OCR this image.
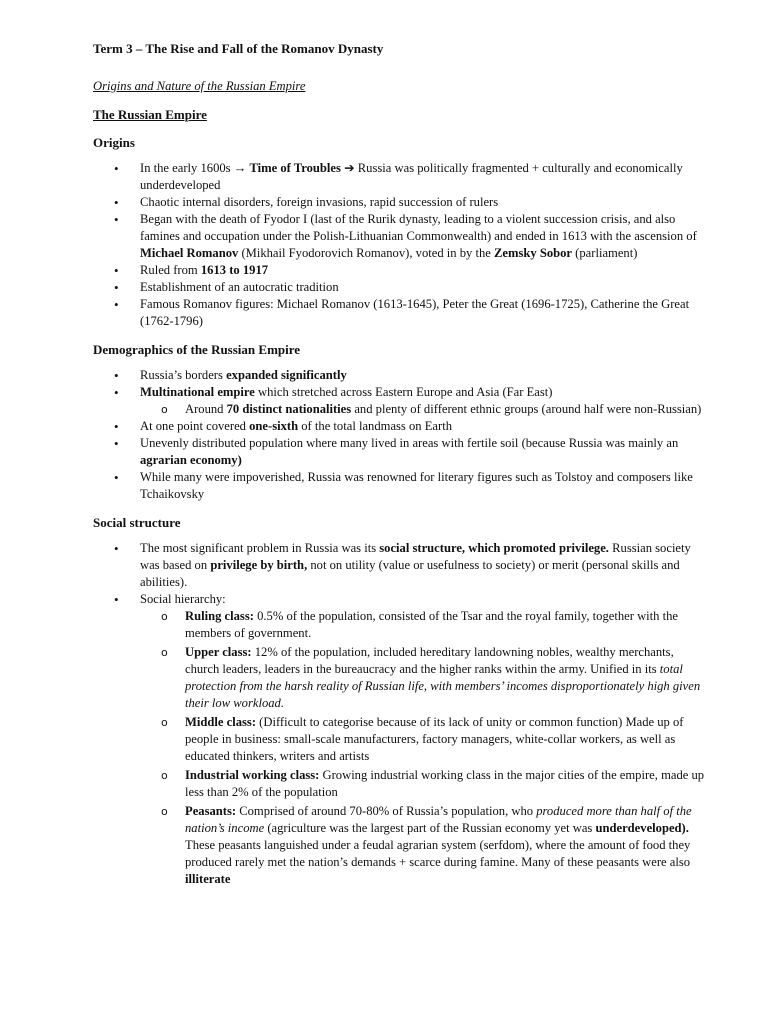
Term 3 – The Rise and Fall of the Romanov Dynasty

Origins and Nature of the Russian Empire

The Russian Empire

Origins

• In the early 1600s → Time of Troubles ➔ Russia was politically fragmented + culturally and economically underdeveloped
• Chaotic internal disorders, foreign invasions, rapid succession of rulers
• Began with the death of Fyodor I (last of the Rurik dynasty, leading to a violent succession crisis, and also famines and occupation under the Polish-Lithuanian Commonwealth) and ended in 1613 with the ascension of Michael Romanov (Mikhail Fyodorovich Romanov), voted in by the Zemsky Sobor (parliament)
• Ruled from 1613 to 1917
• Establishment of an autocratic tradition
• Famous Romanov figures: Michael Romanov (1613-1645), Peter the Great (1696-1725), Catherine the Great (1762-1796)

Demographics of the Russian Empire

• Russia’s borders expanded significantly
• Multinational empire which stretched across Eastern Europe and Asia (Far East)
o Around 70 distinct nationalities and plenty of different ethnic groups (around half were non-Russian)
• At one point covered one-sixth of the total landmass on Earth
• Unevenly distributed population where many lived in areas with fertile soil (because Russia was mainly an agrarian economy)
• While many were impoverished, Russia was renowned for literary figures such as Tolstoy and composers like Tchaikovsky

Social structure

• The most significant problem in Russia was its social structure, which promoted privilege. Russian society was based on privilege by birth, not on utility (value or usefulness to society) or merit (personal skills and abilities).
• Social hierarchy:
o Ruling class: 0.5% of the population, consisted of the Tsar and the royal family, together with the members of government.
o Upper class: 12% of the population, included hereditary landowning nobles, wealthy merchants, church leaders, leaders in the bureaucracy and the higher ranks within the army. Unified in its total protection from the harsh reality of Russian life, with members’ incomes disproportionately high given their low workload.
o Middle class: (Difficult to categorise because of its lack of unity or common function) Made up of people in business: small-scale manufacturers, factory managers, white-collar workers, as well as educated thinkers, writers and artists
o Industrial working class: Growing industrial working class in the major cities of the empire, made up less than 2% of the population
o Peasants: Comprised of around 70-80% of Russia’s population, who produced more than half of the nation’s income (agriculture was the largest part of the Russian economy yet was underdeveloped). These peasants languished under a feudal agrarian system (serfdom), where the amount of food they produced rarely met the nation’s demands + scarce during famine. Many of these peasants were also illiterate
